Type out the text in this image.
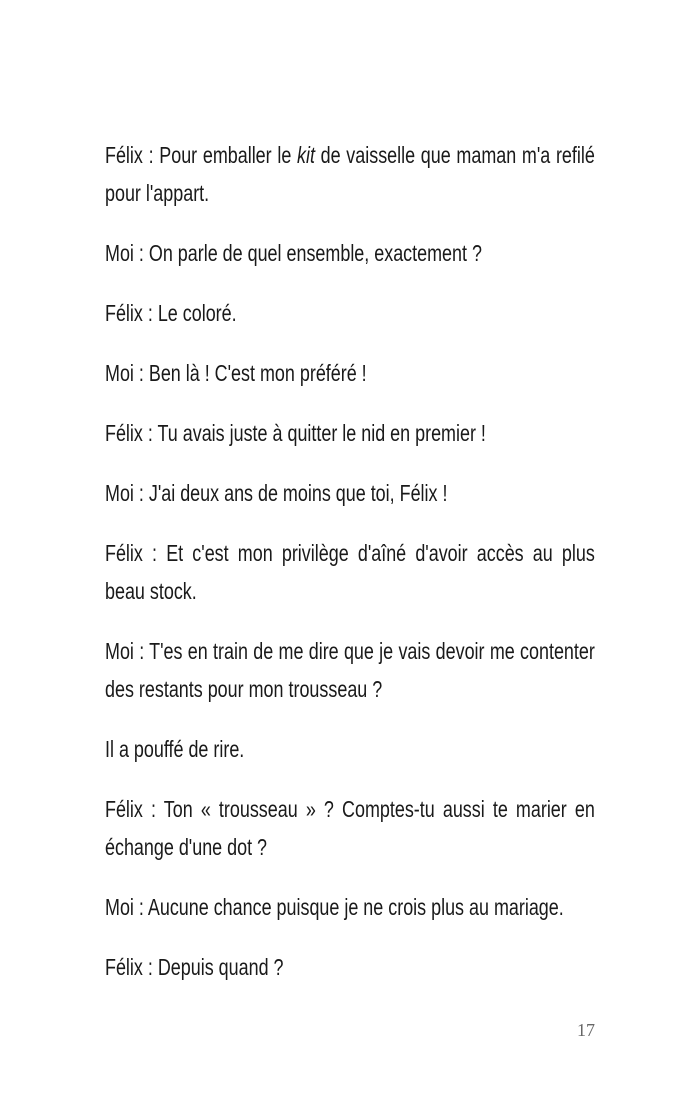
Félix : Pour emballer le kit de vaisselle que maman m'a refilé pour l'appart.

Moi : On parle de quel ensemble, exactement ?

Félix : Le coloré.

Moi : Ben là ! C'est mon préféré !

Félix : Tu avais juste à quitter le nid en premier !

Moi : J'ai deux ans de moins que toi, Félix !

Félix : Et c'est mon privilège d'aîné d'avoir accès au plus beau stock.

Moi : T'es en train de me dire que je vais devoir me contenter des restants pour mon trousseau ?

Il a pouffé de rire.

Félix : Ton « trousseau » ? Comptes-tu aussi te marier en échange d'une dot ?

Moi : Aucune chance puisque je ne crois plus au mariage.

Félix : Depuis quand ?

17
